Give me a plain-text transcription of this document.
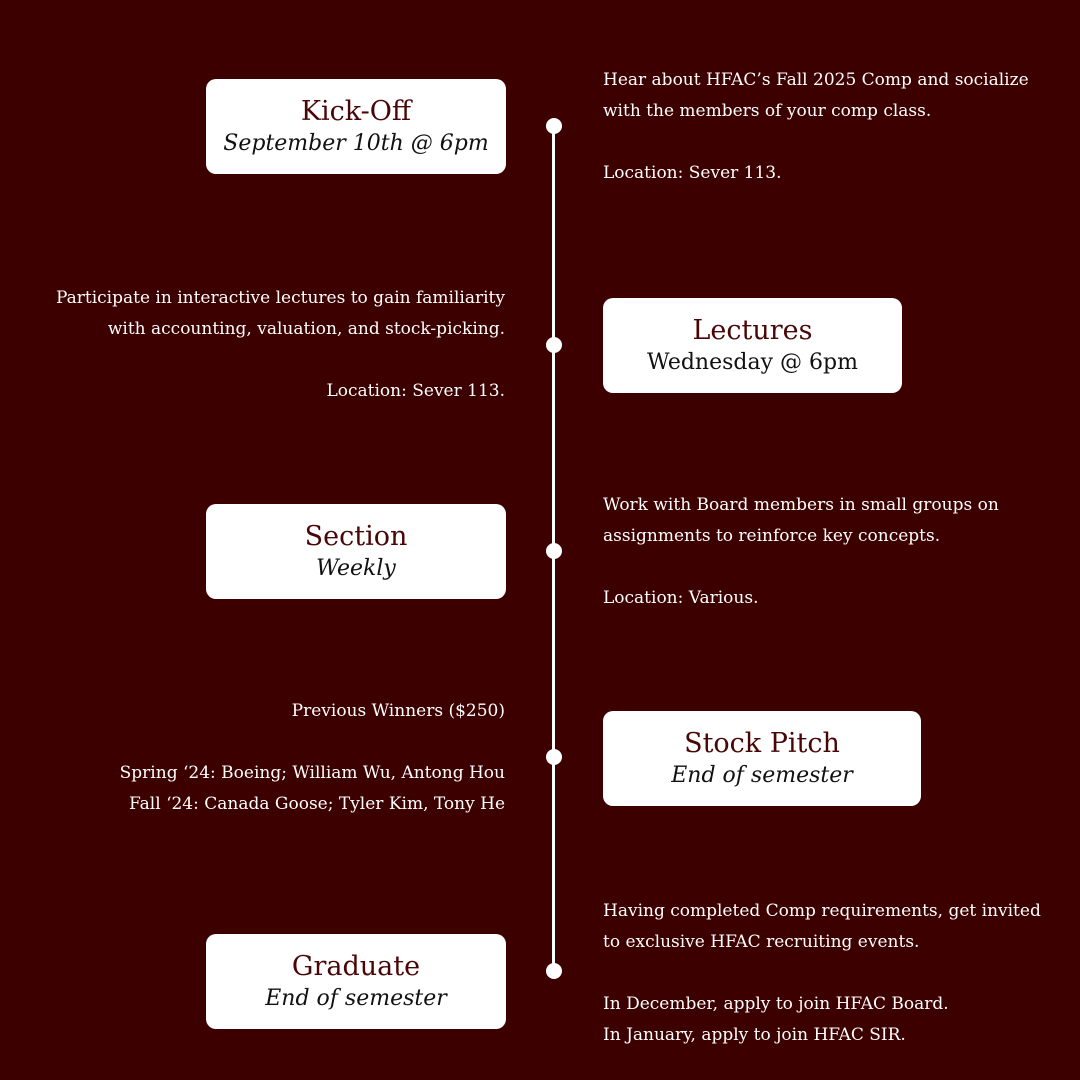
Kick-Off
September 10th @ 6pm

Hear about HFAC’s Fall 2025 Comp and socialize

with the members of your comp class.

Location: Sever 113.

Participate in interactive lectures to gain familiarity

with accounting, valuation, and stock-picking.

Location: Sever 113.

Lectures
Wednesday @ 6pm
Section
Weekly

Work with Board members in small groups on

assignments to reinforce key concepts.

Location: Various.

Previous Winners ($250)

Spring ‘24: Boeing; William Wu, Antong Hou

Fall ‘24: Canada Goose; Tyler Kim, Tony He

Stock Pitch
End of semester

Having completed Comp requirements, get invited

to exclusive HFAC recruiting events.

In December, apply to join HFAC Board.

In January, apply to join HFAC SIR.

Graduate
End of semester
